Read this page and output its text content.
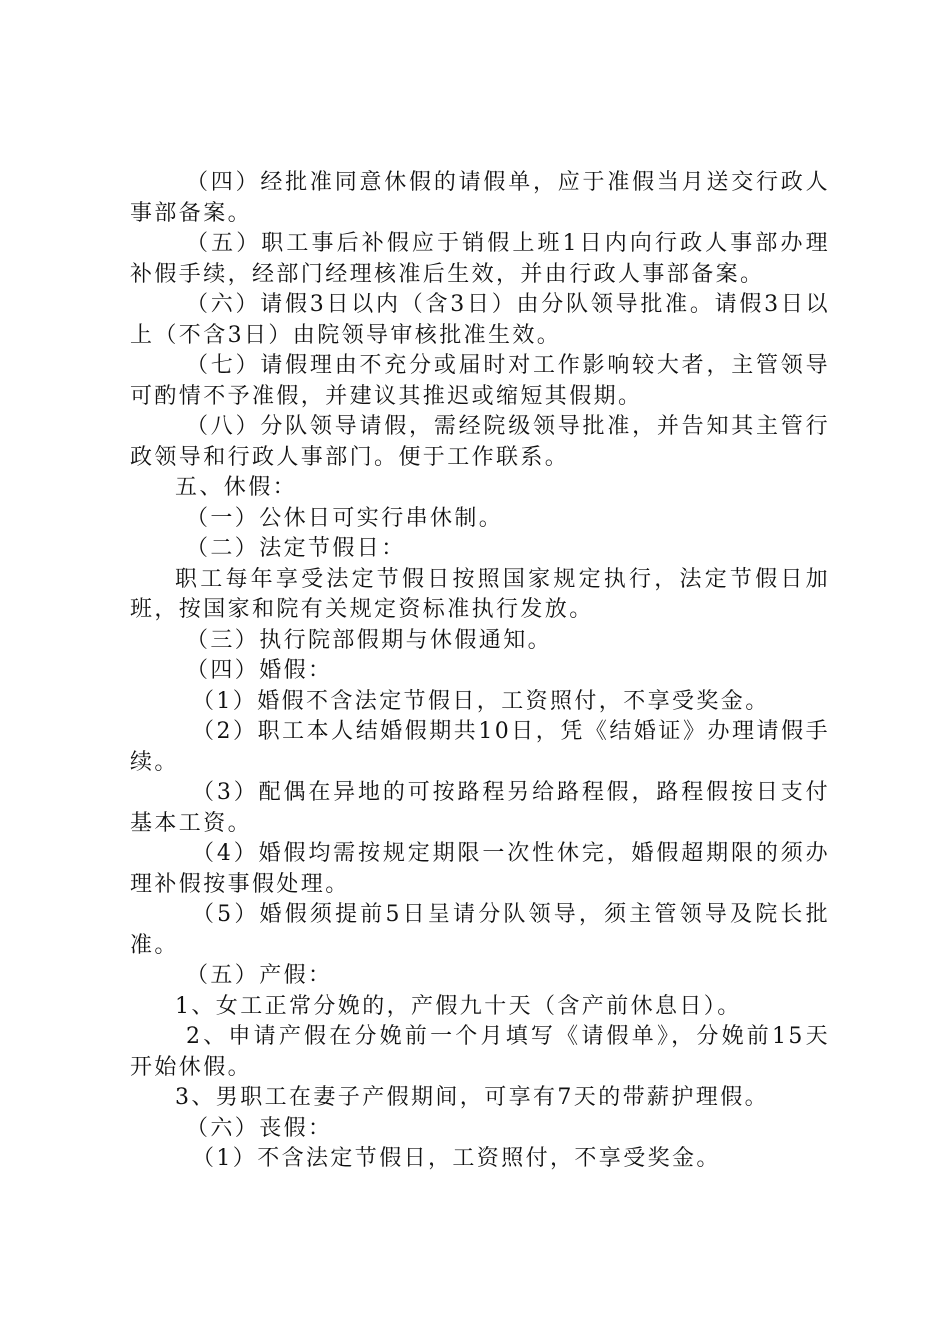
（四）经批准同意休假的请假单，应于准假当月送交行政人事部备案。

（五）职工事后补假应于销假上班1日内向行政人事部办理补假手续，经部门经理核准后生效，并由行政人事部备案。

（六）请假3日以内（含3日）由分队领导批准。请假3日以上（不含3日）由院领导审核批准生效。

（七）请假理由不充分或届时对工作影响较大者，主管领导可酌情不予准假，并建议其推迟或缩短其假期。

（八）分队领导请假，需经院级领导批准，并告知其主管行政领导和行政人事部门。便于工作联系。

五、休假：

（一）公休日可实行串休制。

（二）法定节假日：

职工每年享受法定节假日按照国家规定执行，法定节假日加班，按国家和院有关规定资标准执行发放。

（三）执行院部假期与休假通知。

（四）婚假：

（1）婚假不含法定节假日，工资照付，不享受奖金。

（2）职工本人结婚假期共10日，凭《结婚证》办理请假手续。

（3）配偶在异地的可按路程另给路程假，路程假按日支付基本工资。

（4）婚假均需按规定期限一次性休完，婚假超期限的须办理补假按事假处理。

（5）婚假须提前5日呈请分队领导，须主管领导及院长批准。

（五）产假：

1、女工正常分娩的，产假九十天（含产前休息日）。

2、申请产假在分娩前一个月填写《请假单》，分娩前15天开始休假。

3、男职工在妻子产假期间，可享有7天的带薪护理假。

（六）丧假：

（1）不含法定节假日，工资照付，不享受奖金。
